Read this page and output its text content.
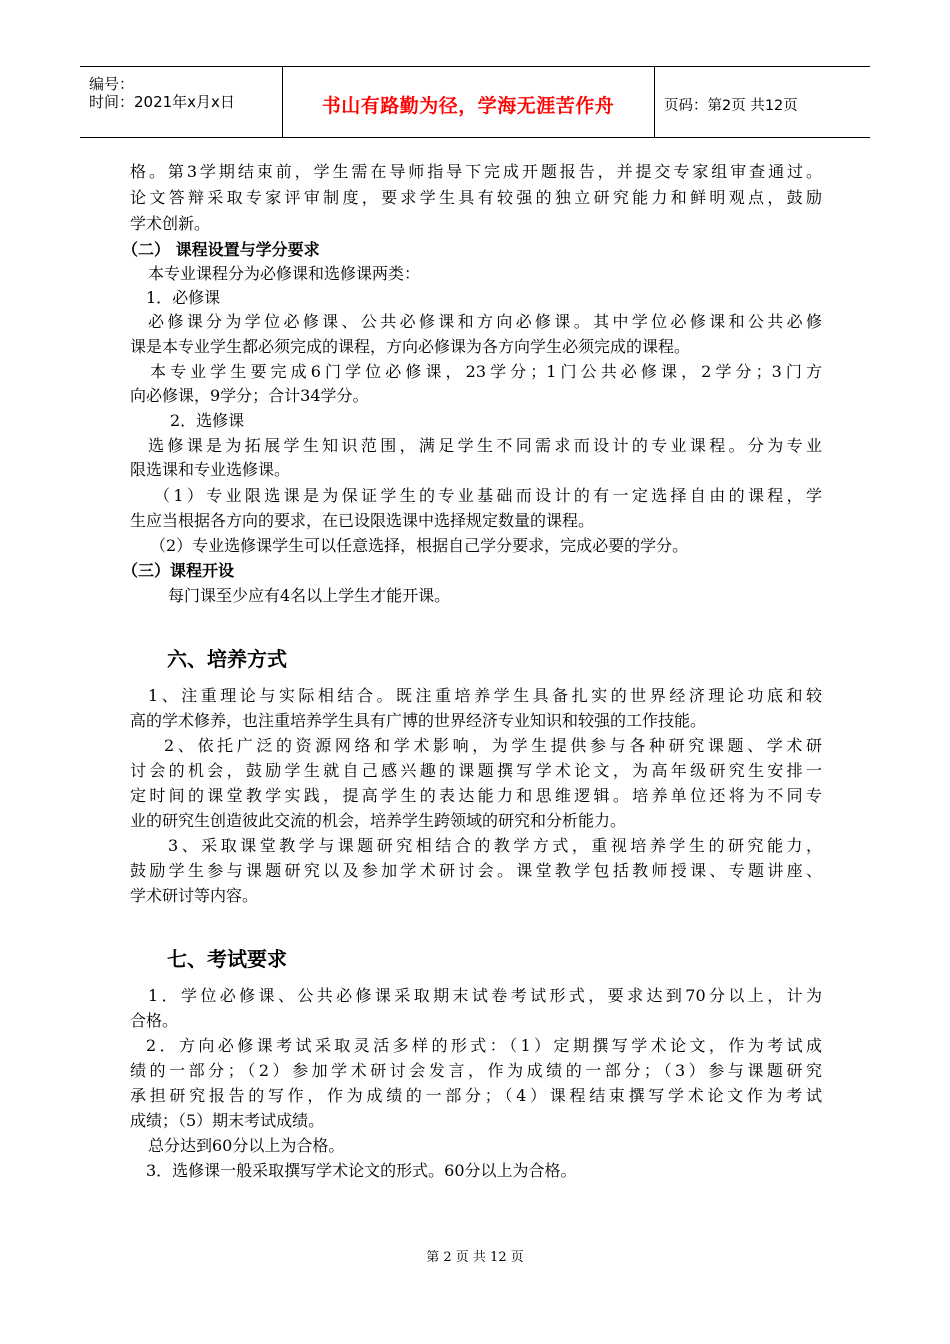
编号：
时间：2021年x月x日	书山有路勤为径，学海无涯苦作舟	页码：第2页 共12页
格。第3学期结束前，学生需在导师指导下完成开题报告，并提交专家组审查通过。
论文答辩采取专家评审制度，要求学生具有较强的独立研究能力和鲜明观点，鼓励
学术创新。
（二） 课程设置与学分要求
本专业课程分为必修课和选修课两类：
1．必修课
必修课分为学位必修课、公共必修课和方向必修课。其中学位必修课和公共必修
课是本专业学生都必须完成的课程，方向必修课为各方向学生必须完成的课程。
本专业学生要完成6门学位必修课，23学分；1门公共必修课，2学分；3门方
向必修课，9学分；合计34学分。
2．选修课
选修课是为拓展学生知识范围，满足学生不同需求而设计的专业课程。分为专业
限选课和专业选修课。
（1）专业限选课是为保证学生的专业基础而设计的有一定选择自由的课程，学
生应当根据各方向的要求，在已设限选课中选择规定数量的课程。
（2）专业选修课学生可以任意选择，根据自己学分要求，完成必要的学分。
（三）课程开设
每门课至少应有4名以上学生才能开课。
六、培养方式
1、注重理论与实际相结合。既注重培养学生具备扎实的世界经济理论功底和较
高的学术修养，也注重培养学生具有广博的世界经济专业知识和较强的工作技能。
2、依托广泛的资源网络和学术影响，为学生提供参与各种研究课题、学术研
讨会的机会，鼓励学生就自己感兴趣的课题撰写学术论文，为高年级研究生安排一
定时间的课堂教学实践，提高学生的表达能力和思维逻辑。培养单位还将为不同专
业的研究生创造彼此交流的机会，培养学生跨领域的研究和分析能力。
3、采取课堂教学与课题研究相结合的教学方式，重视培养学生的研究能力，
鼓励学生参与课题研究以及参加学术研讨会。课堂教学包括教师授课、专题讲座、
学术研讨等内容。
七、考试要求
1．学位必修课、公共必修课采取期末试卷考试形式，要求达到70分以上，计为
合格。
2．方向必修课考试采取灵活多样的形式：（1）定期撰写学术论文，作为考试成
绩的一部分；（2）参加学术研讨会发言，作为成绩的一部分；（3）参与课题研究
承担研究报告的写作，作为成绩的一部分；（4）课程结束撰写学术论文作为考试
成绩；（5）期末考试成绩。
总分达到60分以上为合格。
3．选修课一般采取撰写学术论文的形式。60分以上为合格。
第 2 页 共 12 页
